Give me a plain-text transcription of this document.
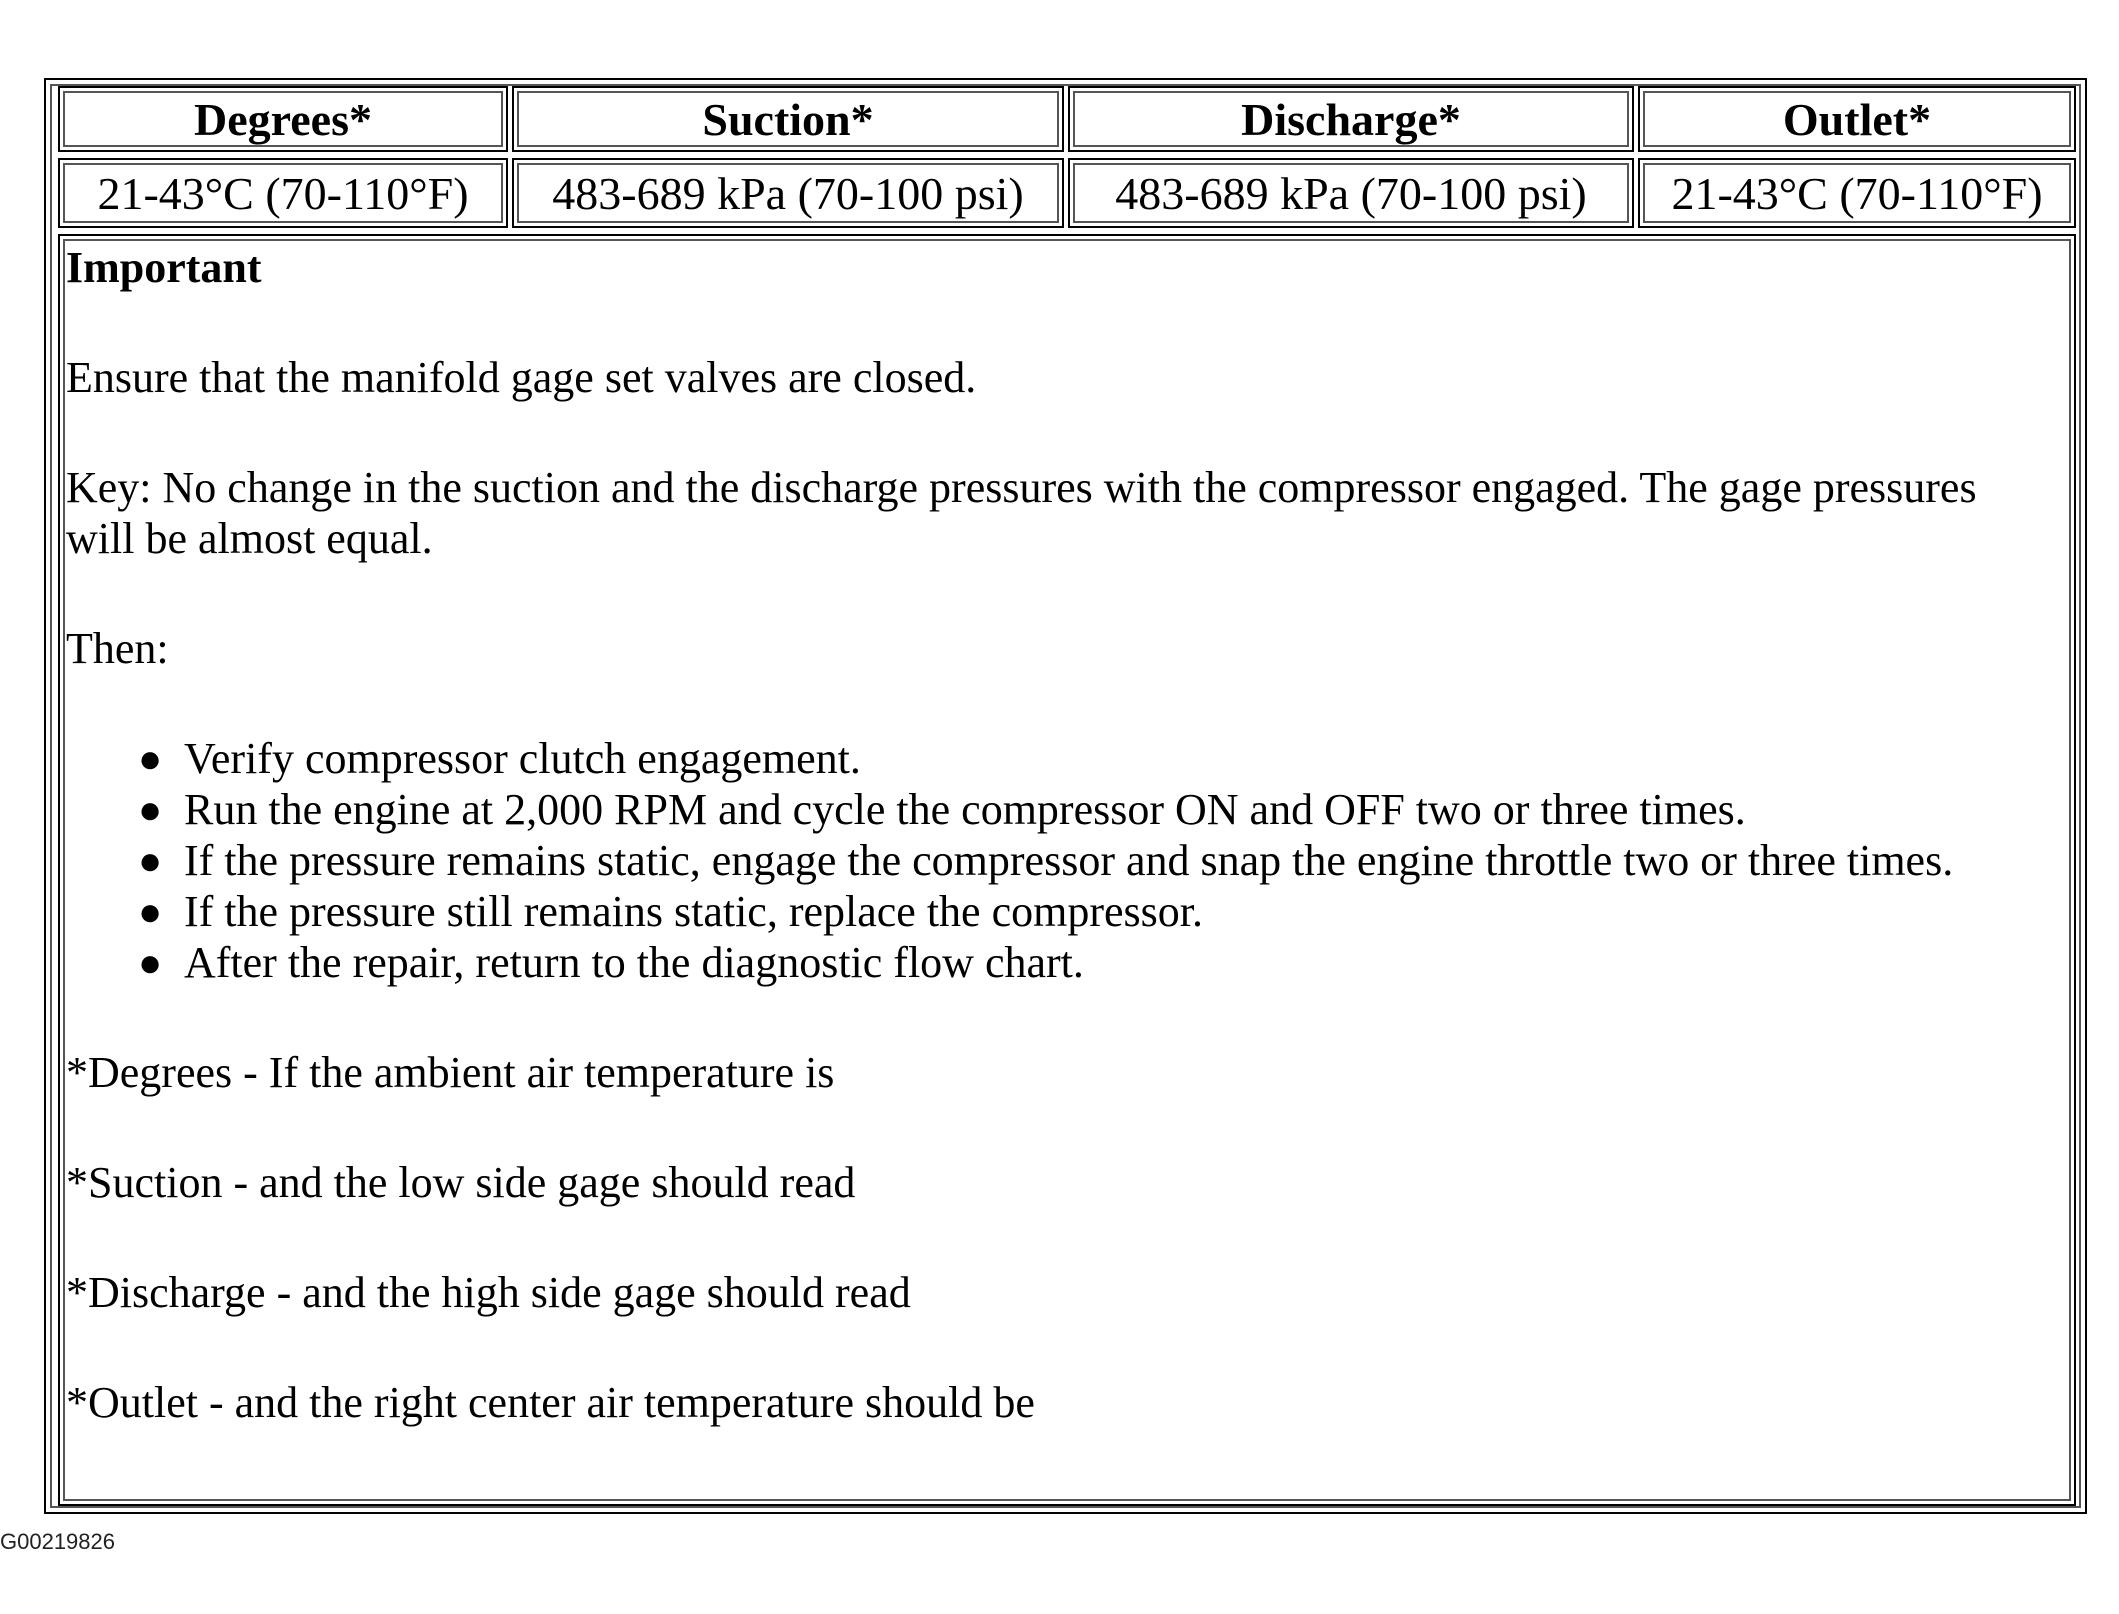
Degrees*	Suction*	Discharge*	Outlet*
21-43°C (70-110°F)	483-689 kPa (70-100 psi)	483-689 kPa (70-100 psi)	21-43°C (70-110°F)

Important

Ensure that the manifold gage set valves are closed.

Key: No change in the suction and the discharge pressures with the compressor engaged. The gage pressures will be almost equal.

Then:

● Verify compressor clutch engagement.
● Run the engine at 2,000 RPM and cycle the compressor ON and OFF two or three times.
● If the pressure remains static, engage the compressor and snap the engine throttle two or three times.
● If the pressure still remains static, replace the compressor.
● After the repair, return to the diagnostic flow chart.

*Degrees - If the ambient air temperature is

*Suction - and the low side gage should read

*Discharge - and the high side gage should read

*Outlet - and the right center air temperature should be

G00219826
